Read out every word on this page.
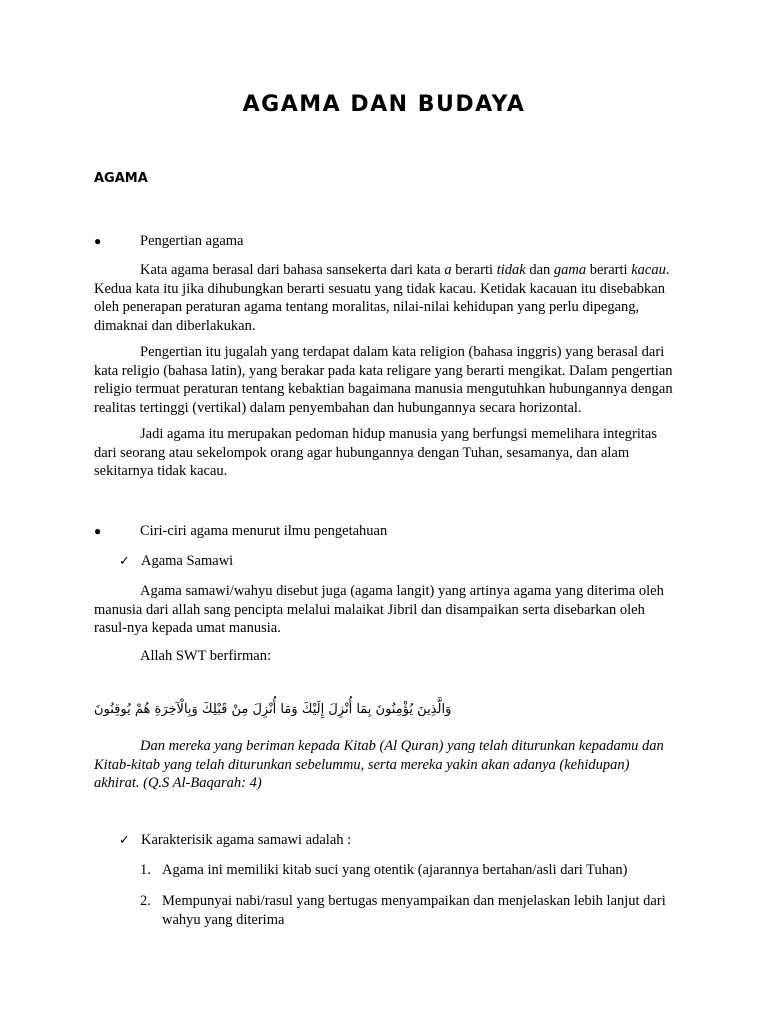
AGAMA DAN BUDAYA
AGAMA
●	Pengertian agama

Kata agama berasal dari bahasa sansekerta dari kata a berarti tidak dan gama berarti kacau. Kedua kata itu jika dihubungkan berarti sesuatu yang tidak kacau. Ketidak kacauan itu disebabkan oleh penerapan peraturan agama tentang moralitas, nilai-nilai kehidupan yang perlu dipegang, dimaknai dan diberlakukan.

Pengertian itu jugalah yang terdapat dalam kata religion (bahasa inggris) yang berasal dari kata religio (bahasa latin), yang berakar pada kata religare yang berarti mengikat. Dalam pengertian religio termuat peraturan tentang kebaktian bagaimana manusia mengutuhkan hubungannya dengan realitas tertinggi (vertikal) dalam penyembahan dan hubungannya secara horizontal.

Jadi agama itu merupakan pedoman hidup manusia yang berfungsi memelihara integritas dari seorang atau sekelompok orang agar hubungannya dengan Tuhan, sesamanya, dan alam sekitarnya tidak kacau.

●	Ciri-ciri agama menurut ilmu pengetahuan
✓ Agama Samawi

Agama samawi/wahyu disebut juga (agama langit) yang artinya agama yang diterima oleh manusia dari allah sang pencipta melalui malaikat Jibril dan disampaikan serta disebarkan oleh rasul-nya kepada umat manusia.

Allah SWT berfirman:
وَالَّذِينَ يُؤْمِنُونَ بِمَا أُنْزِلَ إِلَيْكَ وَمَا أُنْزِلَ مِنْ قَبْلِكَ وَبِالْآخِرَةِ هُمْ يُوقِنُونَ

Dan mereka yang beriman kepada Kitab (Al Quran) yang telah diturunkan kepadamu dan Kitab-kitab yang telah diturunkan sebelummu, serta mereka yakin akan adanya (kehidupan) akhirat. (Q.S Al-Baqarah: 4)

✓ Karakterisik agama samawi adalah :
1. Agama ini memiliki kitab suci yang otentik (ajarannya bertahan/asli dari Tuhan)
2. Mempunyai nabi/rasul yang bertugas menyampaikan dan menjelaskan lebih lanjut dari wahyu yang diterima
